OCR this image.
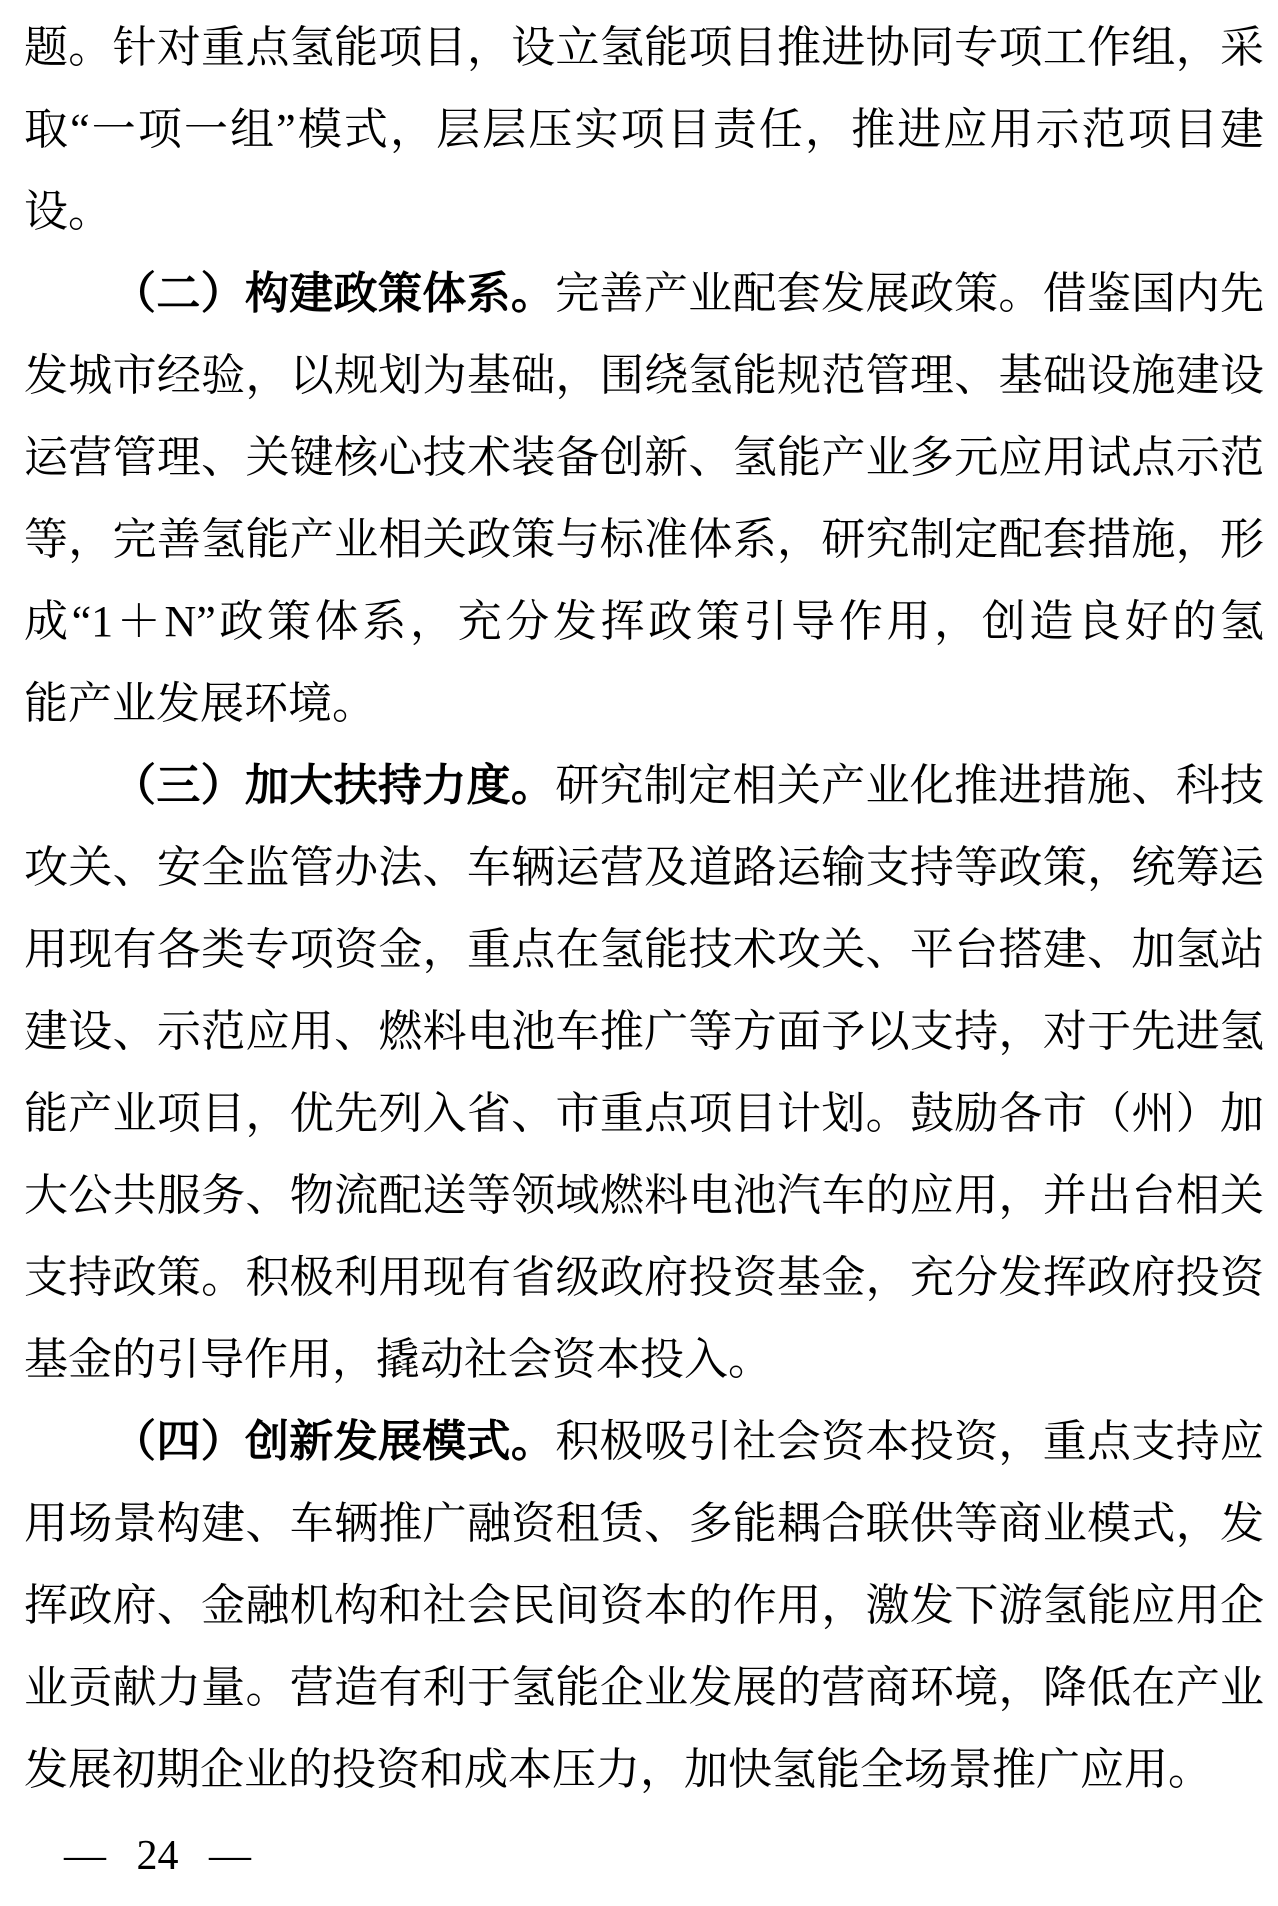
题。针对重点氢能项目，设立氢能项目推进协同专项工作组，采
取“一项一组”模式，层层压实项目责任，推进应用示范项目建
设。
（二）构建政策体系。完善产业配套发展政策。借鉴国内先
发城市经验，以规划为基础，围绕氢能规范管理、基础设施建设
运营管理、关键核心技术装备创新、氢能产业多元应用试点示范
等，完善氢能产业相关政策与标准体系，研究制定配套措施，形
成“1＋N”政策体系，充分发挥政策引导作用，创造良好的氢
能产业发展环境。
（三）加大扶持力度。研究制定相关产业化推进措施、科技
攻关、安全监管办法、车辆运营及道路运输支持等政策，统筹运
用现有各类专项资金，重点在氢能技术攻关、平台搭建、加氢站
建设、示范应用、燃料电池车推广等方面予以支持，对于先进氢
能产业项目，优先列入省、市重点项目计划。鼓励各市（州）加
大公共服务、物流配送等领域燃料电池汽车的应用，并出台相关
支持政策。积极利用现有省级政府投资基金，充分发挥政府投资
基金的引导作用，撬动社会资本投入。
（四）创新发展模式。积极吸引社会资本投资，重点支持应
用场景构建、车辆推广融资租赁、多能耦合联供等商业模式，发
挥政府、金融机构和社会民间资本的作用，激发下游氢能应用企
业贡献力量。营造有利于氢能企业发展的营商环境，降低在产业
发展初期企业的投资和成本压力，加快氢能全场景推广应用。
— 24 —
